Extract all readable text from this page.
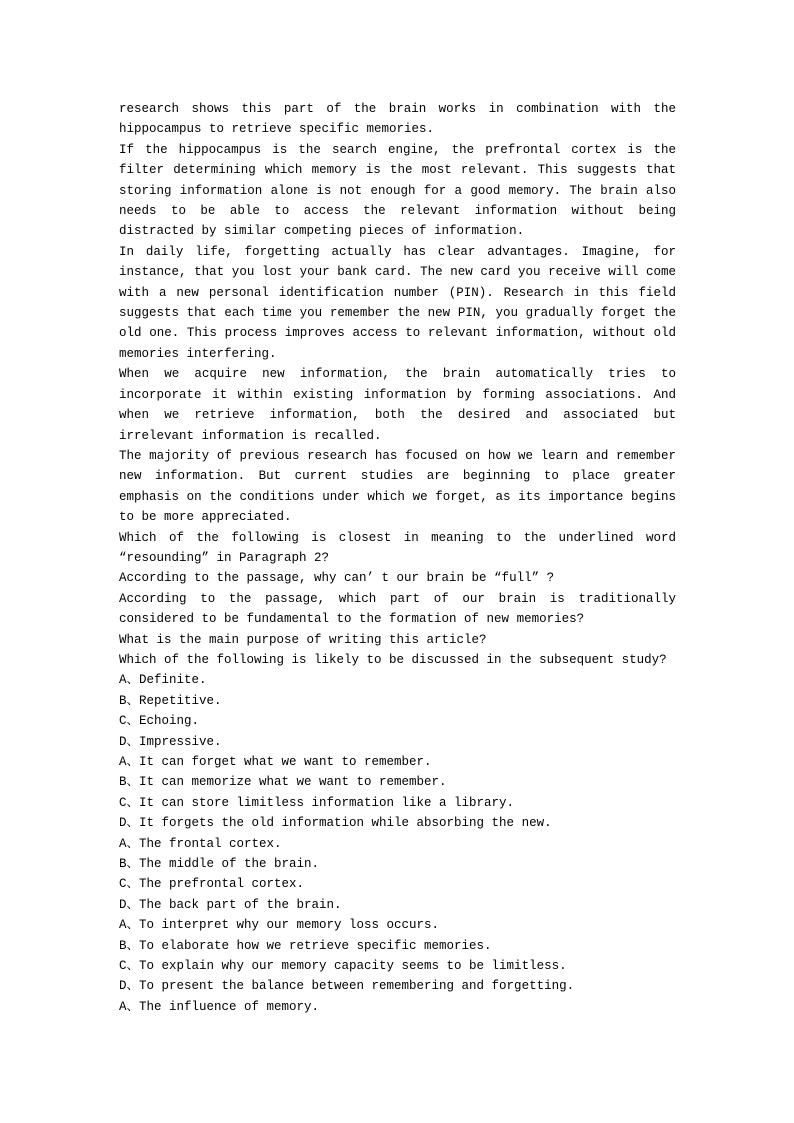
research shows this part of the brain works in combination with the hippocampus to retrieve specific memories.

If the hippocampus is the search engine, the prefrontal cortex is the filter determining which memory is the most relevant. This suggests that storing information alone is not enough for a good memory. The brain also needs to be able to access the relevant information without being distracted by similar competing pieces of information.

In daily life, forgetting actually has clear advantages. Imagine, for instance, that you lost your bank card. The new card you receive will come with a new personal identification number (PIN). Research in this field suggests that each time you remember the new PIN, you gradually forget the old one. This process improves access to relevant information, without old memories interfering.

When we acquire new information, the brain automatically tries to incorporate it within existing information by forming associations. And when we retrieve information, both the desired and associated but irrelevant information is recalled.

The majority of previous research has focused on how we learn and remember new information. But current studies are beginning to place greater emphasis on the conditions under which we forget, as its importance begins to be more appreciated.

Which of the following is closest in meaning to the underlined word “resounding” in Paragraph 2?

According to the passage, why can’ t our brain be “full” ?

According to the passage, which part of our brain is traditionally considered to be fundamental to the formation of new memories?

What is the main purpose of writing this article?

Which of the following is likely to be discussed in the subsequent study?

A、Definite.

B、Repetitive.

C、Echoing.

D、Impressive.

A、It can forget what we want to remember.

B、It can memorize what we want to remember.

C、It can store limitless information like a library.

D、It forgets the old information while absorbing the new.

A、The frontal cortex.

B、The middle of the brain.

C、The prefrontal cortex.

D、The back part of the brain.

A、To interpret why our memory loss occurs.

B、To elaborate how we retrieve specific memories.

C、To explain why our memory capacity seems to be limitless.

D、To present the balance between remembering and forgetting.

A、The influence of memory.
